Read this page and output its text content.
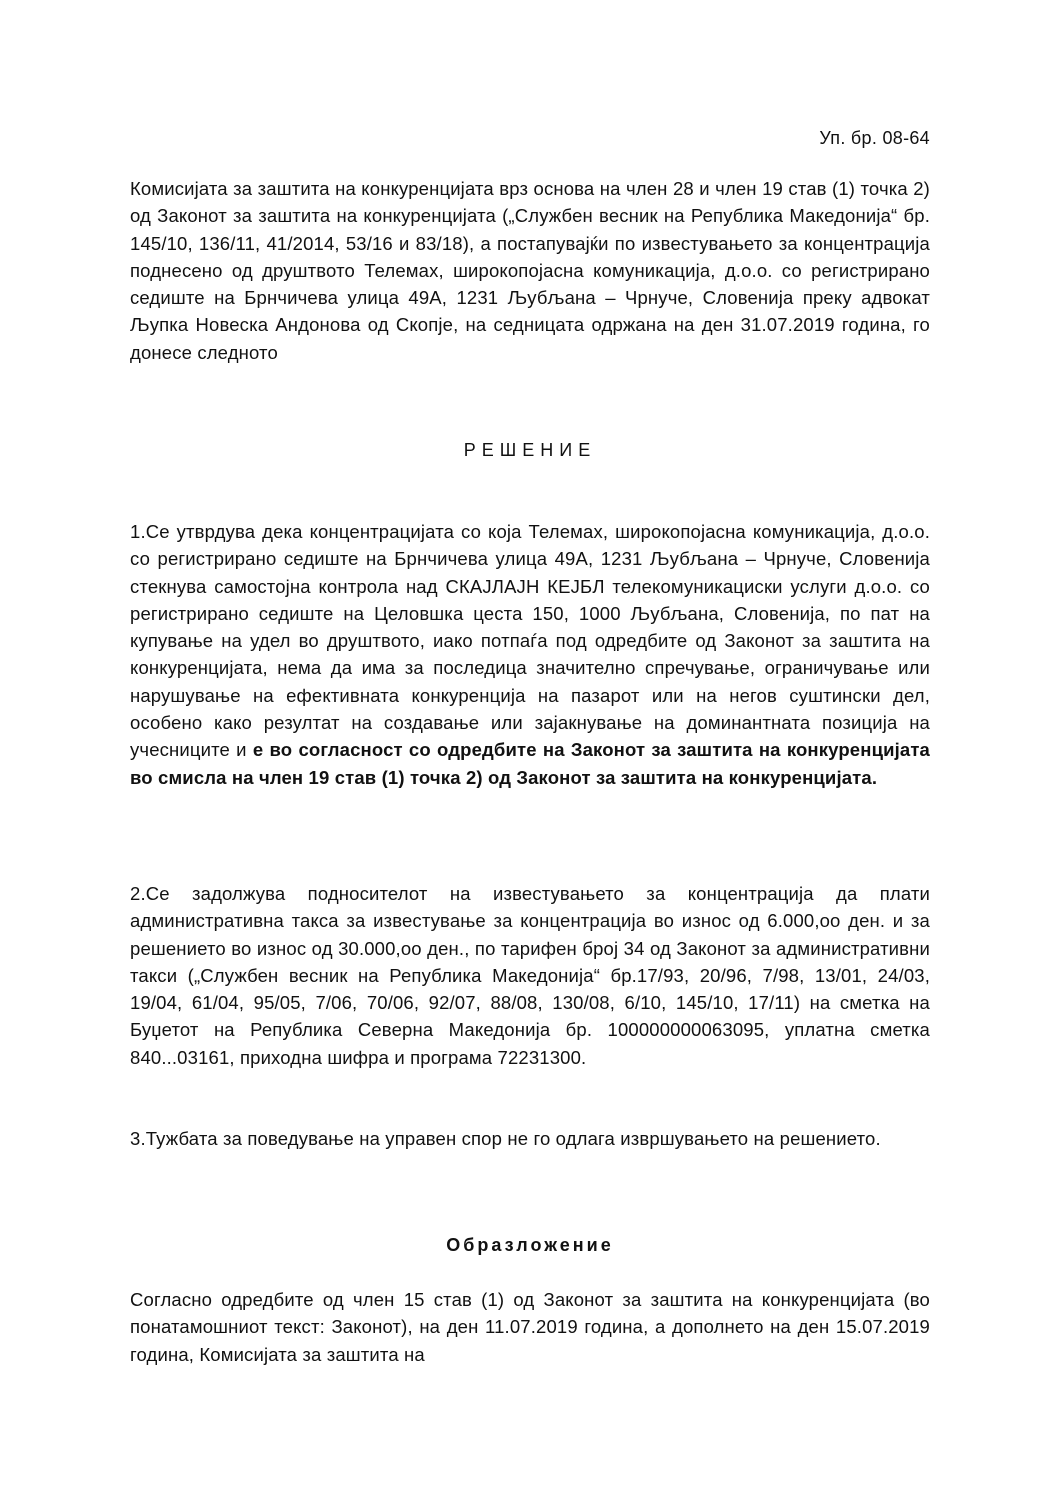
Уп. бр. 08-64

Комисијата за заштита на конкуренцијата врз основа на член 28 и член 19 став (1) точка 2) од Законот за заштита на конкуренцијата („Службен весник на Република Македонија“ бр. 145/10, 136/11, 41/2014, 53/16 и 83/18), а постапувајќи по известувањето за концентрација поднесено од друштвото Телемах, широкопојасна комуникација, д.о.о. со регистрирано седиште на Брнчичева улица 49А, 1231 Љубљана – Чрнуче, Словенија преку адвокат Љупка Новеска Андонова од Скопје, на седницата одржана на ден 31.07.2019 година, го донесе следното

РЕШЕНИЕ

1.Се утврдува дека концентрацијата со која Телемах, широкопојасна комуникација, д.о.о. со регистрирано седиште на Брнчичева улица 49А, 1231 Љубљана – Чрнуче, Словенија стекнува самостојна контрола над СКАЈЛАЈН КЕЈБЛ телекомуникациски услуги д.о.о. со регистрирано седиште на Целовшка цеста 150, 1000 Љубљана, Словенија, по пат на купување на удел во друштвото, иако потпаѓа под одредбите од Законот за заштита на конкуренцијата, нема да има за последица значително спречување, ограничување или нарушување на ефективната конкуренција на пазарот или на негов суштински дел, особено како резултат на создавање или зајакнување на доминантната позиција на учесниците и е во согласност со одредбите на Законот за заштита на конкуренцијата во смисла на член 19 став (1) точка 2) од Законот за заштита на конкуренцијата.

2.Се задолжува подносителот на известувањето за концентрација да плати административна такса за известување за концентрација во износ од 6.000,оо ден. и за решението во износ од 30.000,оо ден., по тарифен број 34 од Законот за административни такси („Службен весник на Република Македонија“ бр.17/93, 20/96, 7/98, 13/01, 24/03, 19/04, 61/04, 95/05, 7/06, 70/06, 92/07, 88/08, 130/08, 6/10, 145/10, 17/11) на сметка на Буџетот на Република Северна Македонија бр. 100000000063095, уплатна сметка 840...03161, приходна шифра и програма 72231300.

3.Тужбата за поведување на управен спор не го одлага извршувањето на решението.

Образложение

Согласно одредбите од член 15 став (1) од Законот за заштита на конкуренцијата (во понатамошниот текст: Законот), на ден 11.07.2019 година, а дополнето на ден 15.07.2019 година, Комисијата за заштита на
